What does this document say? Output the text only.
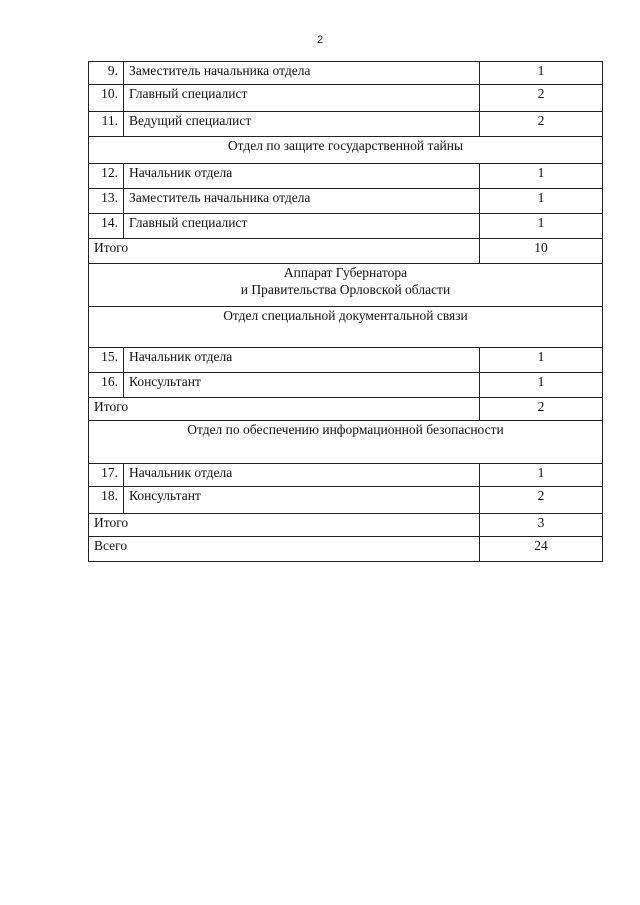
2
9.	Заместитель начальника отдела	1
10.	Главный специалист	2
11.	Ведущий специалист	2
Отдел по защите государственной тайны		
12.	Начальник отдела	1
13.	Заместитель начальника отдела	1
14.	Главный специалист	1
Итого		10

Аппарат Губернатора
и Правительства Орловской области		

Отдел специальной документальной связи		
15.	Начальник отдела	1
16.	Консультант	1
Итого		2
Отдел по обеспечению информационной безопасности		
17.	Начальник отдела	1
18.	Консультант	2
Итого		3
Всего		24
